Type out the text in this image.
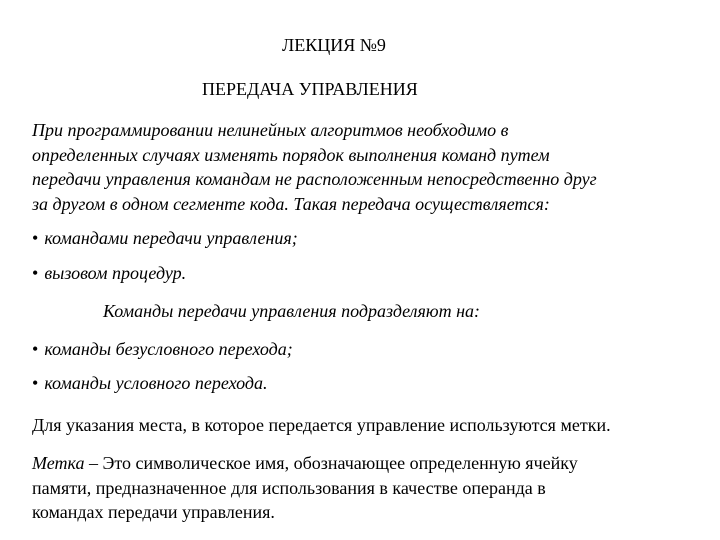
ЛЕКЦИЯ №9
ПЕРЕДАЧА УПРАВЛЕНИЯ
При программировании нелинейных алгоритмов необходимо в
определенных случаях изменять порядок выполнения команд путем
передачи управления командам не расположенным непосредственно друг
за другом в одном сегменте кода. Такая передача осуществляется:
• командами передачи управления;
• вызовом процедур.
Команды передачи управления подразделяют на:
• команды безусловного перехода;
• команды условного перехода.
Для указания места, в которое передается управление используются метки.
Метка – Это символическое имя, обозначающее определенную ячейку
памяти, предназначенное для использования в качестве операнда в
командах передачи управления.
